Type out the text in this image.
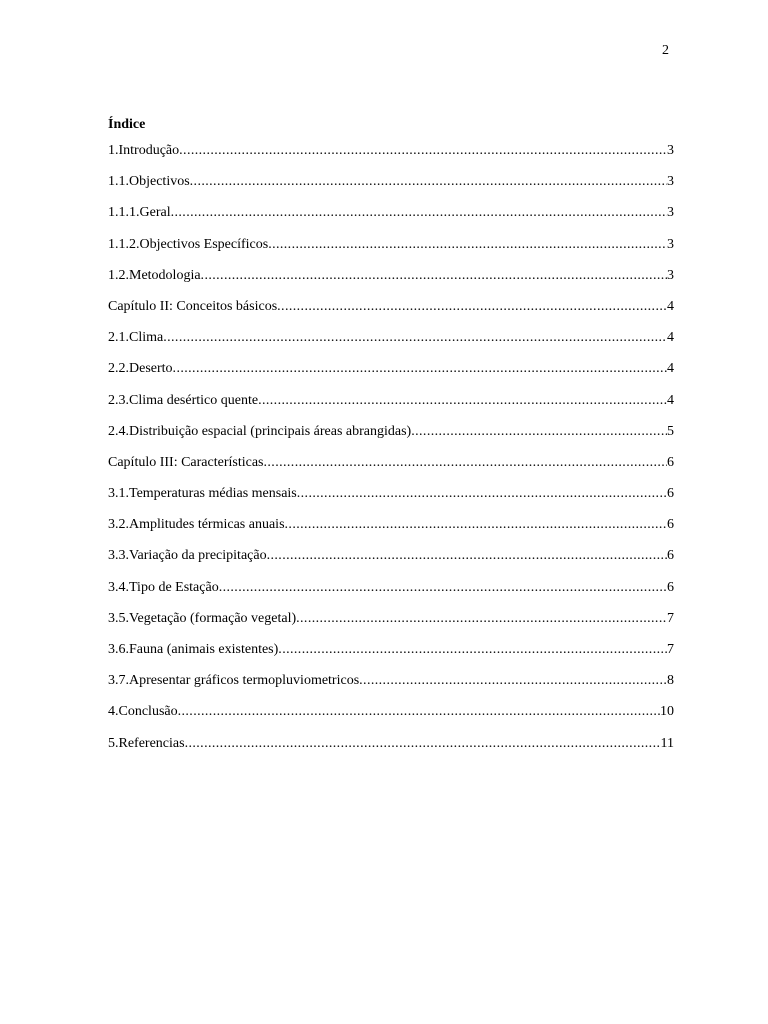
2
Índice
1.Introdução .....	3
1.1.Objectivos .....	3
1.1.1.Geral .....	3
1.1.2.Objectivos Específicos .....	3
1.2.Metodologia .....	3
Capítulo II: Conceitos básicos .....	4
2.1.Clima .....	4
2.2.Deserto .....	4
2.3.Clima desértico quente .....	4
2.4.Distribuição espacial (principais áreas abrangidas) .....	5
Capítulo III: Características .....	6
3.1.Temperaturas médias mensais .....	6
3.2.Amplitudes térmicas anuais .....	6
3.3.Variação da precipitação .....	6
3.4.Tipo de Estação .....	6
3.5.Vegetação (formação vegetal) .....	7
3.6.Fauna (animais existentes) .....	7
3.7.Apresentar gráficos termopluviometricos .....	8
4.Conclusão .....	10
5.Referencias .....	11
